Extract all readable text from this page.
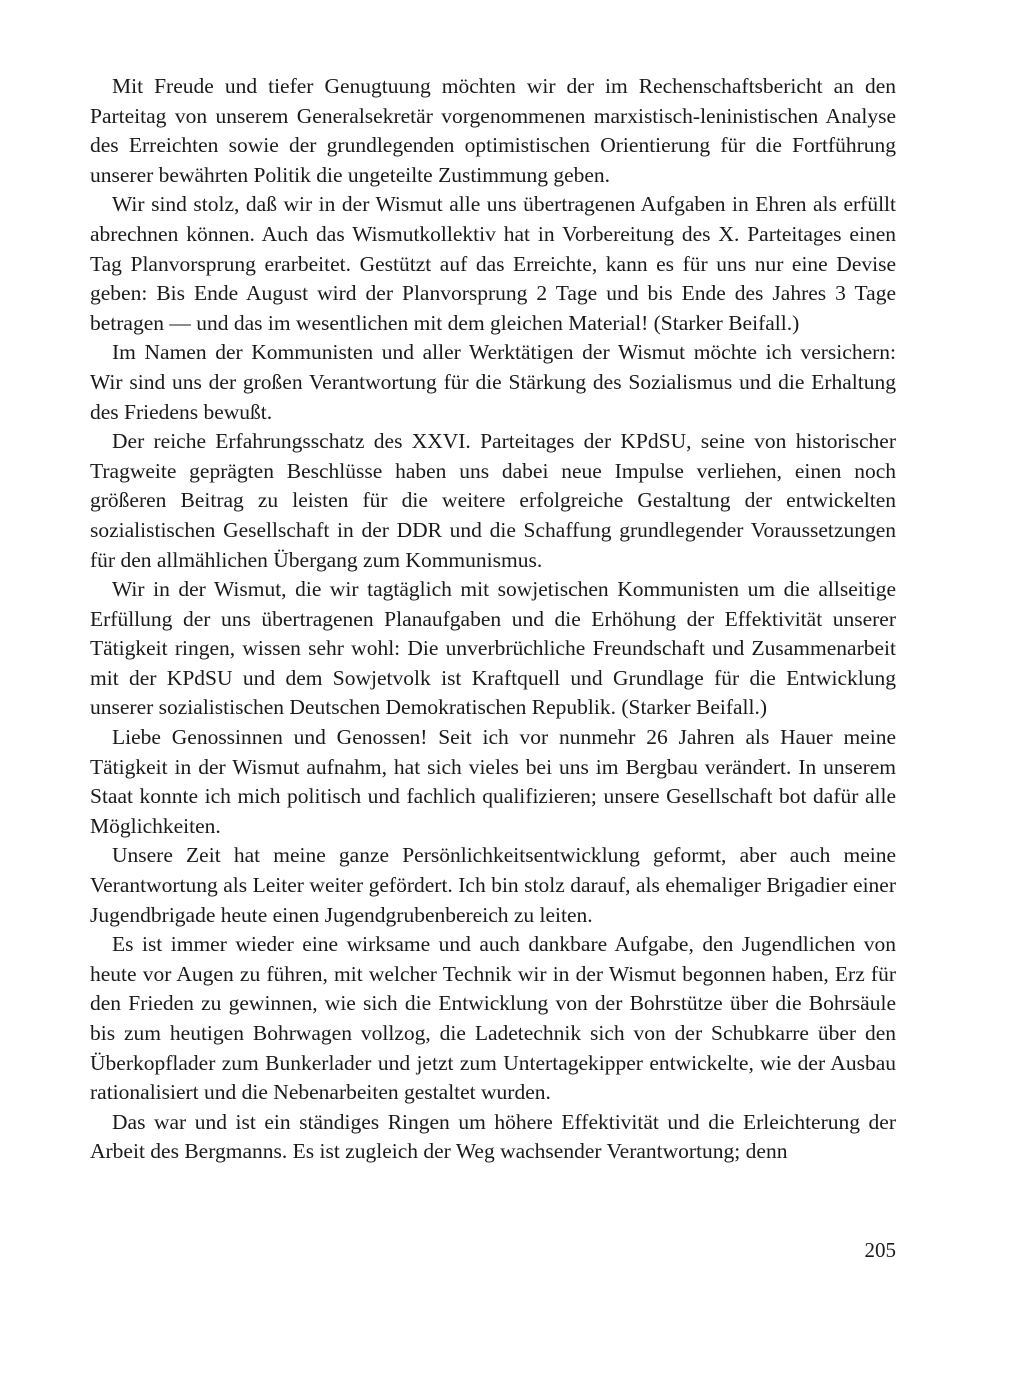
Mit Freude und tiefer Genugtuung möchten wir der im Rechenschaftsbericht an den Parteitag von unserem Generalsekretär vorgenommenen marxistisch-leninistischen Analyse des Erreichten sowie der grundlegenden optimistischen Orientierung für die Fortführung unserer bewährten Politik die ungeteilte Zustimmung geben.

Wir sind stolz, daß wir in der Wismut alle uns übertragenen Aufgaben in Ehren als erfüllt abrechnen können. Auch das Wismutkollektiv hat in Vorbereitung des X. Parteitages einen Tag Planvorsprung erarbeitet. Gestützt auf das Erreichte, kann es für uns nur eine Devise geben: Bis Ende August wird der Planvorsprung 2 Tage und bis Ende des Jahres 3 Tage betragen — und das im wesentlichen mit dem gleichen Material! (Starker Beifall.)

Im Namen der Kommunisten und aller Werktätigen der Wismut möchte ich versichern: Wir sind uns der großen Verantwortung für die Stärkung des Sozialismus und die Erhaltung des Friedens bewußt.

Der reiche Erfahrungsschatz des XXVI. Parteitages der KPdSU, seine von historischer Tragweite geprägten Beschlüsse haben uns dabei neue Impulse verliehen, einen noch größeren Beitrag zu leisten für die weitere erfolgreiche Gestaltung der entwickelten sozialistischen Gesellschaft in der DDR und die Schaffung grundlegender Voraussetzungen für den allmählichen Übergang zum Kommunismus.

Wir in der Wismut, die wir tagtäglich mit sowjetischen Kommunisten um die allseitige Erfüllung der uns übertragenen Planaufgaben und die Erhöhung der Effektivität unserer Tätigkeit ringen, wissen sehr wohl: Die unverbrüchliche Freundschaft und Zusammenarbeit mit der KPdSU und dem Sowjetvolk ist Kraftquell und Grundlage für die Entwicklung unserer sozialistischen Deutschen Demokratischen Republik. (Starker Beifall.)

Liebe Genossinnen und Genossen! Seit ich vor nunmehr 26 Jahren als Hauer meine Tätigkeit in der Wismut aufnahm, hat sich vieles bei uns im Bergbau verändert. In unserem Staat konnte ich mich politisch und fachlich qualifizieren; unsere Gesellschaft bot dafür alle Möglichkeiten.

Unsere Zeit hat meine ganze Persönlichkeitsentwicklung geformt, aber auch meine Verantwortung als Leiter weiter gefördert. Ich bin stolz darauf, als ehemaliger Brigadier einer Jugendbrigade heute einen Jugendgrubenbereich zu leiten.

Es ist immer wieder eine wirksame und auch dankbare Aufgabe, den Jugendlichen von heute vor Augen zu führen, mit welcher Technik wir in der Wismut begonnen haben, Erz für den Frieden zu gewinnen, wie sich die Entwicklung von der Bohrstütze über die Bohrsäule bis zum heutigen Bohrwagen vollzog, die Ladetechnik sich von der Schubkarre über den Überkopflader zum Bunkerlader und jetzt zum Untertagekipper entwickelte, wie der Ausbau rationalisiert und die Nebenarbeiten gestaltet wurden.

Das war und ist ein ständiges Ringen um höhere Effektivität und die Erleichterung der Arbeit des Bergmanns. Es ist zugleich der Weg wachsender Verantwortung; denn

205
